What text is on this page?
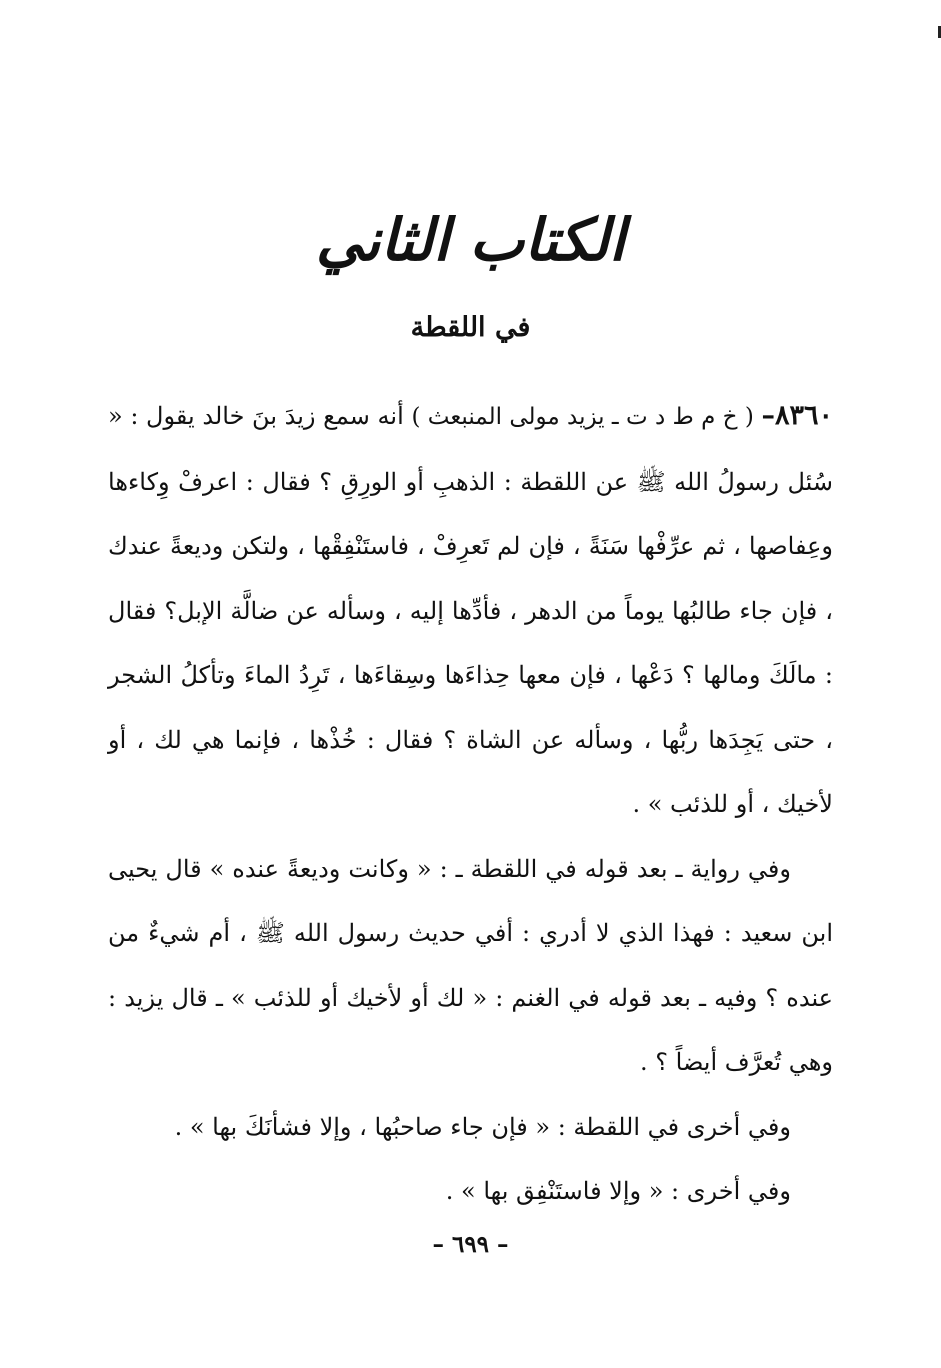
الكتاب الثاني
في اللقطة

٨٣٦٠– ( خ م ط د ت ـ يزيد مولى المنبعث ) أنه سمع زيدَ بنَ خالد يقول : « سُئل رسولُ الله ﷺ عن اللقطة : الذهبِ أو الورِقِ ؟ فقال : اعرفْ وِكاءها وعِفاصها ، ثم عرِّفْها سَنَةً ، فإن لم تَعرِفْ ، فاستَنْفِقْها ، ولتكن وديعةً عندك ، فإن جاء طالبُها يوماً من الدهر ، فأدِّها إليه ، وسأله عن ضالَّة الإبل؟ فقال : مالَكَ ومالها ؟ دَعْها ، فإن معها حِذاءَها وسِقاءَها ، تَرِدُ الماءَ وتأكلُ الشجر ، حتى يَجِدَها ربُّها ، وسأله عن الشاة ؟ فقال : خُذْها ، فإنما هي لك ، أو لأخيك ، أو للذئب » .

وفي رواية ـ بعد قوله في اللقطة ـ : « وكانت وديعةً عنده » قال يحيى ابن سعيد : فهذا الذي لا أدري : أفي حديث رسول الله ﷺ ، أم شيءٌ من عنده ؟ وفيه ـ بعد قوله في الغنم : « لك أو لأخيك أو للذئب » ـ قال يزيد : وهي تُعرَّف أيضاً ؟ .

وفي أخرى في اللقطة : « فإن جاء صاحبُها ، وإلا فشأنَكَ بها » .

وفي أخرى : « وإلا فاستَنْفِق بها » .

– ٦٩٩ –
